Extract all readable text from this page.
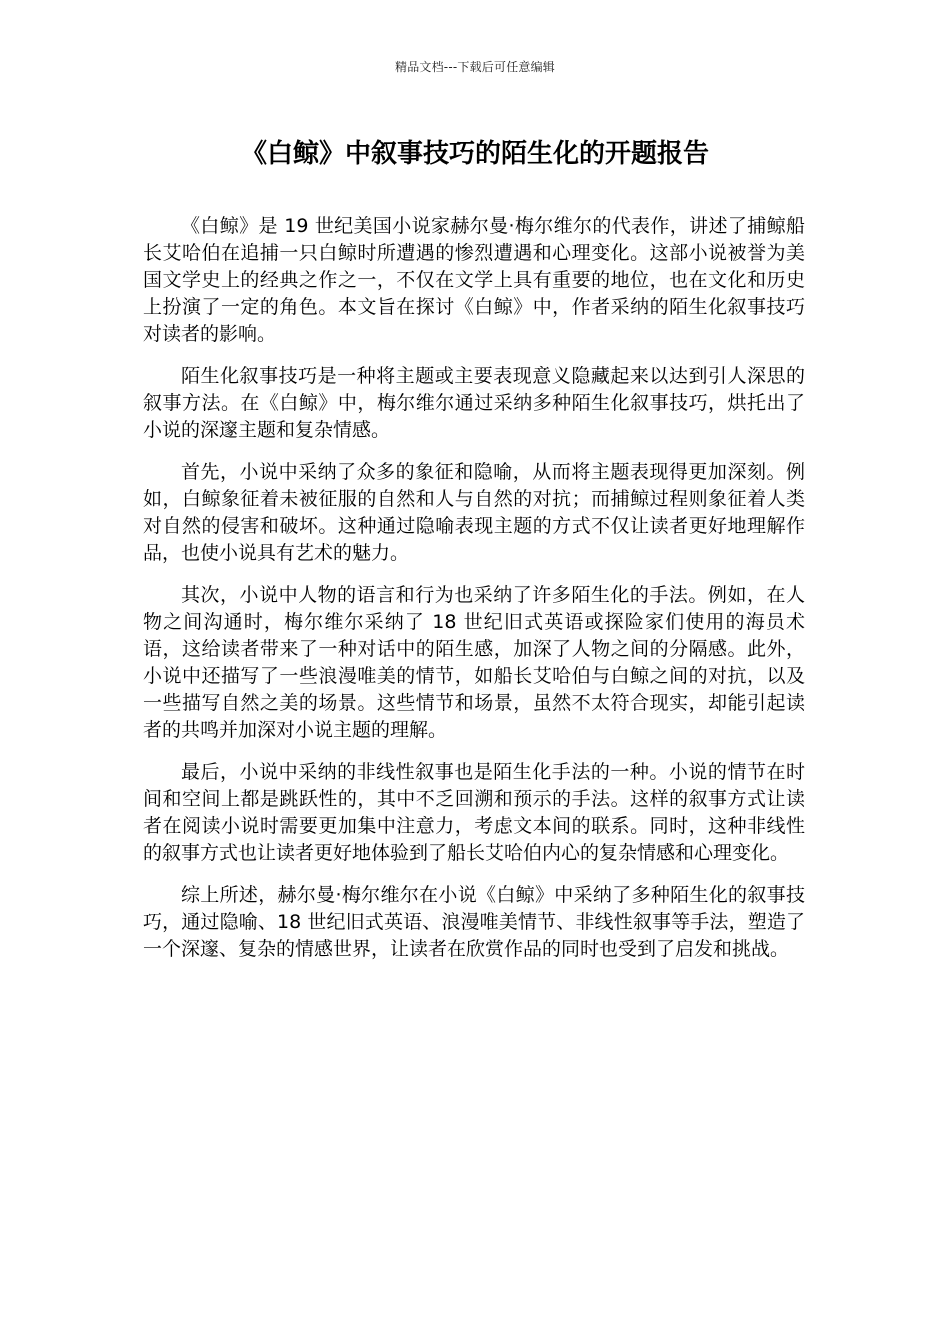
精品文档---下载后可任意编辑
《白鲸》中叙事技巧的陌生化的开题报告

《白鲸》是 19 世纪美国小说家赫尔曼·梅尔维尔的代表作，讲述了捕鲸船长艾哈伯在追捕一只白鲸时所遭遇的惨烈遭遇和心理变化。这部小说被誉为美国文学史上的经典之作之一，不仅在文学上具有重要的地位，也在文化和历史上扮演了一定的角色。本文旨在探讨《白鲸》中，作者采纳的陌生化叙事技巧对读者的影响。

陌生化叙事技巧是一种将主题或主要表现意义隐藏起来以达到引人深思的叙事方法。在《白鲸》中，梅尔维尔通过采纳多种陌生化叙事技巧，烘托出了小说的深邃主题和复杂情感。

首先，小说中采纳了众多的象征和隐喻，从而将主题表现得更加深刻。例如，白鲸象征着未被征服的自然和人与自然的对抗；而捕鲸过程则象征着人类对自然的侵害和破坏。这种通过隐喻表现主题的方式不仅让读者更好地理解作品，也使小说具有艺术的魅力。

其次，小说中人物的语言和行为也采纳了许多陌生化的手法。例如，在人物之间沟通时，梅尔维尔采纳了 18 世纪旧式英语或探险家们使用的海员术语，这给读者带来了一种对话中的陌生感，加深了人物之间的分隔感。此外，小说中还描写了一些浪漫唯美的情节，如船长艾哈伯与白鲸之间的对抗，以及一些描写自然之美的场景。这些情节和场景，虽然不太符合现实，却能引起读者的共鸣并加深对小说主题的理解。

最后，小说中采纳的非线性叙事也是陌生化手法的一种。小说的情节在时间和空间上都是跳跃性的，其中不乏回溯和预示的手法。这样的叙事方式让读者在阅读小说时需要更加集中注意力，考虑文本间的联系。同时，这种非线性的叙事方式也让读者更好地体验到了船长艾哈伯内心的复杂情感和心理变化。

综上所述，赫尔曼·梅尔维尔在小说《白鲸》中采纳了多种陌生化的叙事技巧，通过隐喻、18 世纪旧式英语、浪漫唯美情节、非线性叙事等手法，塑造了一个深邃、复杂的情感世界，让读者在欣赏作品的同时也受到了启发和挑战。
